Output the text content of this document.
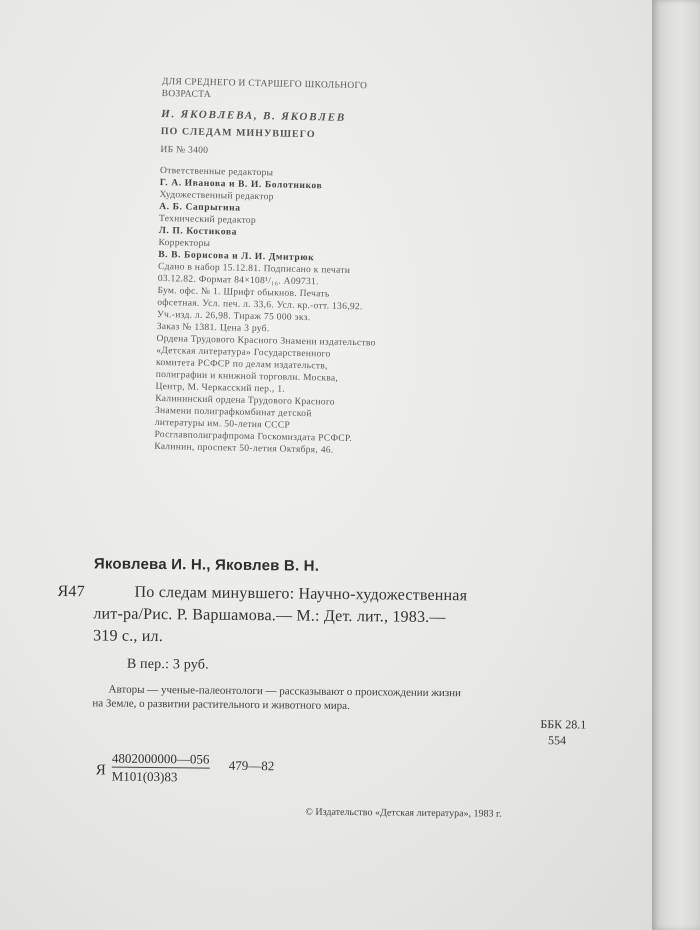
ДЛЯ СРЕДНЕГО И СТАРШЕГО ШКОЛЬНОГО
ВОЗРАСТА
И. ЯКОВЛЕВА, В. ЯКОВЛЕВ
ПО СЛЕДАМ МИНУВШЕГО
ИБ № 3400
Ответственные редакторы
Г. А. Иванова и В. И. Болотников
Художественный редактор
А. Б. Сапрыгина
Технический редактор
Л. П. Костикова
Корректоры
В. В. Борисова и Л. И. Дмитрюк
Сдано в набор 15.12.81. Подписано к печати
03.12.82. Формат 84×108¹/₁₆. А09731.
Бум. офс. № 1. Шрифт обыкнов. Печать
офсетная. Усл. печ. л. 33,6. Усл. кр.-отт. 136,92.
Уч.-изд. л. 26,98. Тираж 75 000 экз.
Заказ № 1381. Цена 3 руб.
Ордена Трудового Красного Знамени издательство
«Детская литература» Государственного
комитета РСФСР по делам издательств,
полиграфии и книжной торговли. Москва,
Центр, М. Черкасский пер., 1.
Калининский ордена Трудового Красного
Знамени полиграфкомбинат детской
литературы им. 50-летия СССР
Росглавполиграфпрома Госкомиздата РСФСР.
Калинин, проспект 50-летия Октября, 46.
Яковлева И. Н., Яковлев В. Н.
Я47	По следам минувшего: Научно-художественная
лит-ра/Рис. Р. Варшамова.— М.: Дет. лит., 1983.—
319 с., ил.
В пер.: 3 руб.
Авторы — ученые-палеонтологи — рассказывают о происхождении жизни
на Земле, о развитии растительного и животного мира.
ББК 28.1
554
Я
4802000000—056
М101(03)83
479—82
© Издательство «Детская литература», 1983 г.
